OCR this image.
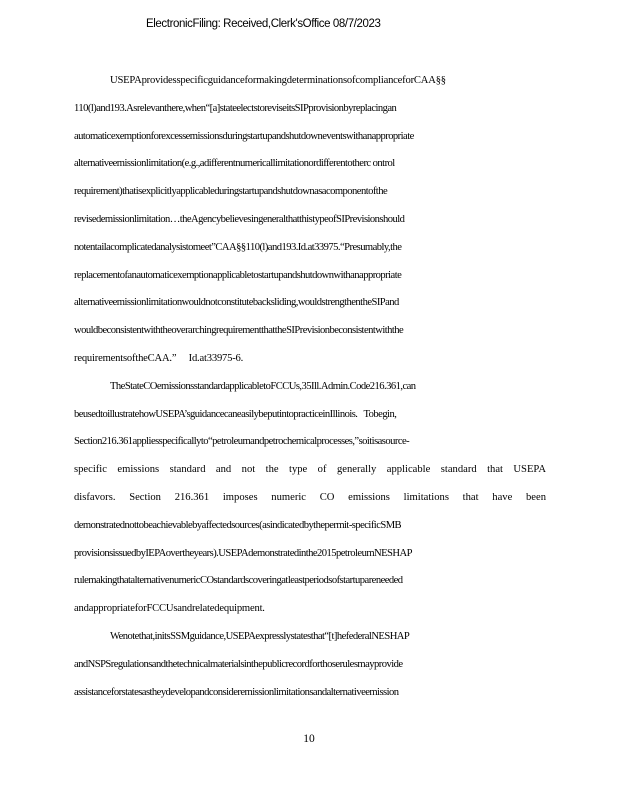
ElectronicFiling: Received,Clerk'sOffice 08/7/2023
USEPAprovidesspecificguidanceformakingdeterminationsofcomplianceforCAA§§
110(l)and193.Asrelevanthere,when“[a]stateelectstoreviseitsSIPprovisionbyreplacingan
automaticexemptionforexcessemissionsduringstartupandshutdowneventswithanappropriate
alternativeemissionlimitation(e.g.,adifferentnumericallimitationordifferentotherc ontrol
requirement)thatisexplicitlyapplicableduringstartupandshutdownasacomponentofthe
revisedemissionlimitation…theAgencybelievesingeneralthatthistypeofSIPrevisionshould
notentailacomplicatedanalysistomeet”CAA§§110(l)and193.Id.at33975.“Presumably,the
replacementofanautomaticexemptionapplicabletostartupandshutdownwithanappropriate
alternativeemissionlimitationwouldnotconstitutebacksliding,wouldstrengthentheSIPand
wouldbeconsistentwiththeoverarchingrequirementthattheSIPrevisionbeconsistentwiththe
requirementsoftheCAA.”     Id.at33975-6.
TheStateCOemissionsstandardapplicabletoFCCUs,35Ill.Admin.Code216.361,can
beusedtoillustratehowUSEPA’sguidancecaneasilybeputintopracticeinIllinois.   Tobegin,
Section216.361appliesspecificallyto“petroleumandpetrochemicalprocesses,”soitisasource-
specific emissions standard and not the type of generally applicable standard that USEPA
disfavors. Section 216.361 imposes numeric CO emissions limitations that have been
demonstratednottobeachievablebyaffectedsources(asindicatedbythepermit-specificSMB
provisionsissuedbyIEPAovertheyears).USEPAdemonstratedinthe2015petroleumNESHAP
rulemakingthatalternativenumericCOstandardscoveringatleastperiodsofstartupareneeded
andappropriateforFCCUsandrelatedequipment.
Wenotethat,initsSSMguidance,USEPAexpresslystatesthat“[t]hefederalNESHAP
andNSPSregulationsandthetechnicalmaterialsinthepublicrecordforthoserulesmayprovide
assistanceforstatesastheydevelopandconsideremissionlimitationsandalternativeemission
10
